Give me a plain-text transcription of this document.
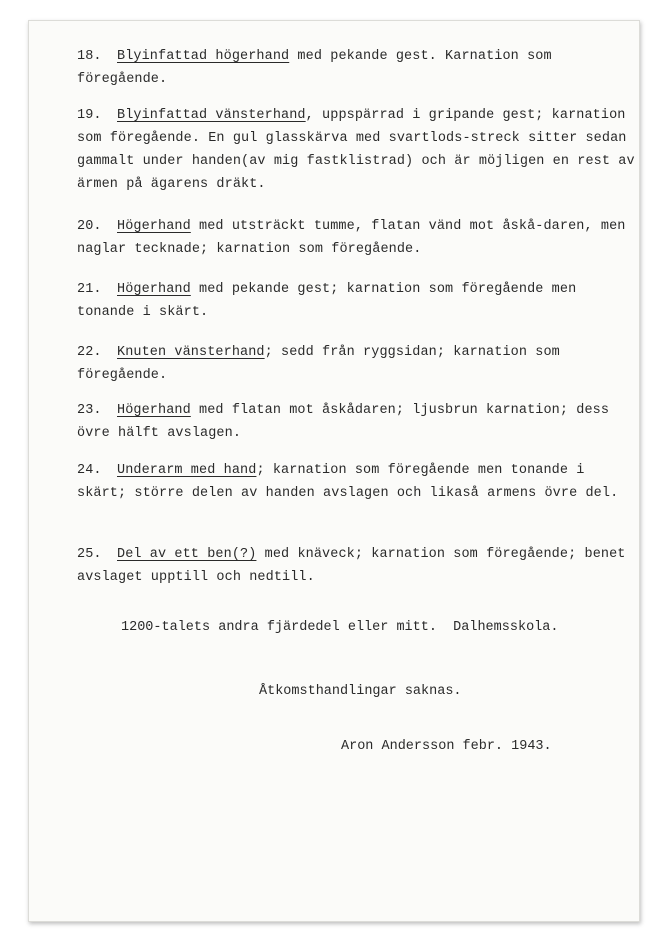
18. Blyinfattad högerhand med pekande gest. Karnation som föregående.
19. Blyinfattad vänsterhand, uppspärrad i gripande gest; karnation som föregående. En gul glasskärva med svartlods-streck sitter sedan gammalt under handen(av mig fastklistrad) och är möjligen en rest av ärmen på ägarens dräkt.
20. Högerhand med utsträckt tumme, flatan vänd mot åskå-daren, men naglar tecknade; karnation som föregående.
21. Högerhand med pekande gest; karnation som föregående men tonande i skärt.
22. Knuten vänsterhand; sedd från ryggsidan; karnation som föregående.
23. Högerhand med flatan mot åskådaren; ljusbrun karnation; dess övre hälft avslagen.
24. Underarm med hand; karnation som föregående men tonande i skärt; större delen av handen avslagen och likaså armens övre del.
25. Del av ett ben(?) med knäveck; karnation som föregående; benet avslaget upptill och nedtill.
1200-talets andra fjärdedel eller mitt. Dalhemsskola.
Åtkomsthandlingar saknas.
Aron Andersson febr. 1943.
